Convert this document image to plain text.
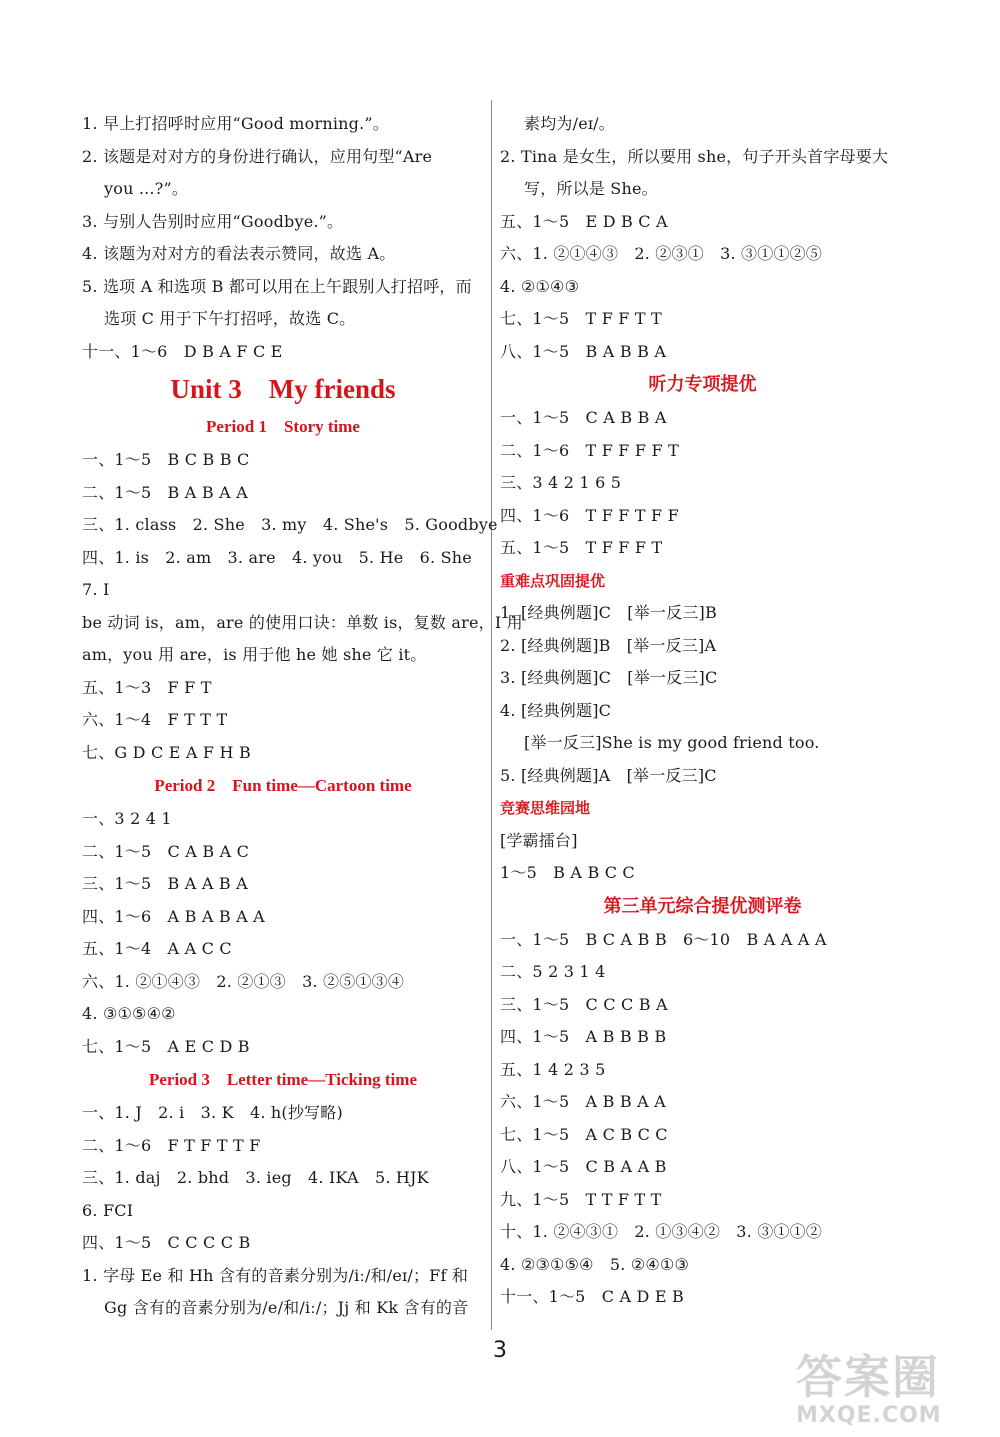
1. 早上打招呼时应用“Good morning.”。
2. 该题是对对方的身份进行确认，应用句型“Are
you ...?”。
3. 与别人告别时应用“Goodbye.”。
4. 该题为对对方的看法表示赞同，故选 A。
5. 选项 A 和选项 B 都可以用在上午跟别人打招呼，而
选项 C 用于下午打招呼，故选 C。
十一、1～6　D B A F C E
Unit 3　My friends
Period 1　Story time
一、1～5　B C B B C
二、1～5　B A B A A
三、1. class　2. She　3. my　4. She's　5. Goodbye
四、1. is　2. am　3. are　4. you　5. He　6. She
7. I
be 动词 is，am，are 的使用口诀：单数 is，复数 are，I 用
am，you 用 are，is 用于他 he 她 she 它 it。
五、1～3　F F T
六、1～4　F T T T
七、G D C E A F H B
Period 2　Fun time—Cartoon time
一、3 2 4 1
二、1～5　C A B A C
三、1～5　B A A B A
四、1～6　A B A B A A
五、1～4　A A C C
六、1. ②①④③　2. ②①③　3. ②⑤①③④
4. ③①⑤④②
七、1～5　A E C D B
Period 3　Letter time—Ticking time
一、1. J　2. i　3. K　4. h(抄写略)
二、1～6　F T F T T F
三、1. daj　2. bhd　3. ieg　4. IKA　5. HJK
6. FCI
四、1～5　C C C C B
1. 字母 Ee 和 Hh 含有的音素分别为/iː/和/eɪ/；Ff 和
Gg 含有的音素分别为/e/和/iː/；Jj 和 Kk 含有的音
素均为/eɪ/。
2. Tina 是女生，所以要用 she，句子开头首字母要大
写，所以是 She。
五、1～5　E D B C A
六、1. ②①④③　2. ②③①　3. ③①①②⑤
4. ②①④③
七、1～5　T F F T T
八、1～5　B A B B A
听力专项提优
一、1～5　C A B B A
二、1～6　T F F F F T
三、3 4 2 1 6 5
四、1～6　T F F T F F
五、1～5　T F F F T
重难点巩固提优
1. [经典例题]C　[举一反三]B
2. [经典例题]B　[举一反三]A
3. [经典例题]C　[举一反三]C
4. [经典例题]C
[举一反三]She is my good friend too.
5. [经典例题]A　[举一反三]C
竞赛思维园地
[学霸擂台]
1～5　B A B C C
第三单元综合提优测评卷
一、1～5　B C A B B　6～10　B A A A A
二、5 2 3 1 4
三、1～5　C C C B A
四、1～5　A B B B B
五、1 4 2 3 5
六、1～5　A B B A A
七、1～5　A C B C C
八、1～5　C B A A B
九、1～5　T T F T T
十、1. ②④③①　2. ①③④②　3. ③①①②
4. ②③①⑤④　5. ②④①③
十一、1～5　C A D E B
3	答案圈
MXQE.COM
